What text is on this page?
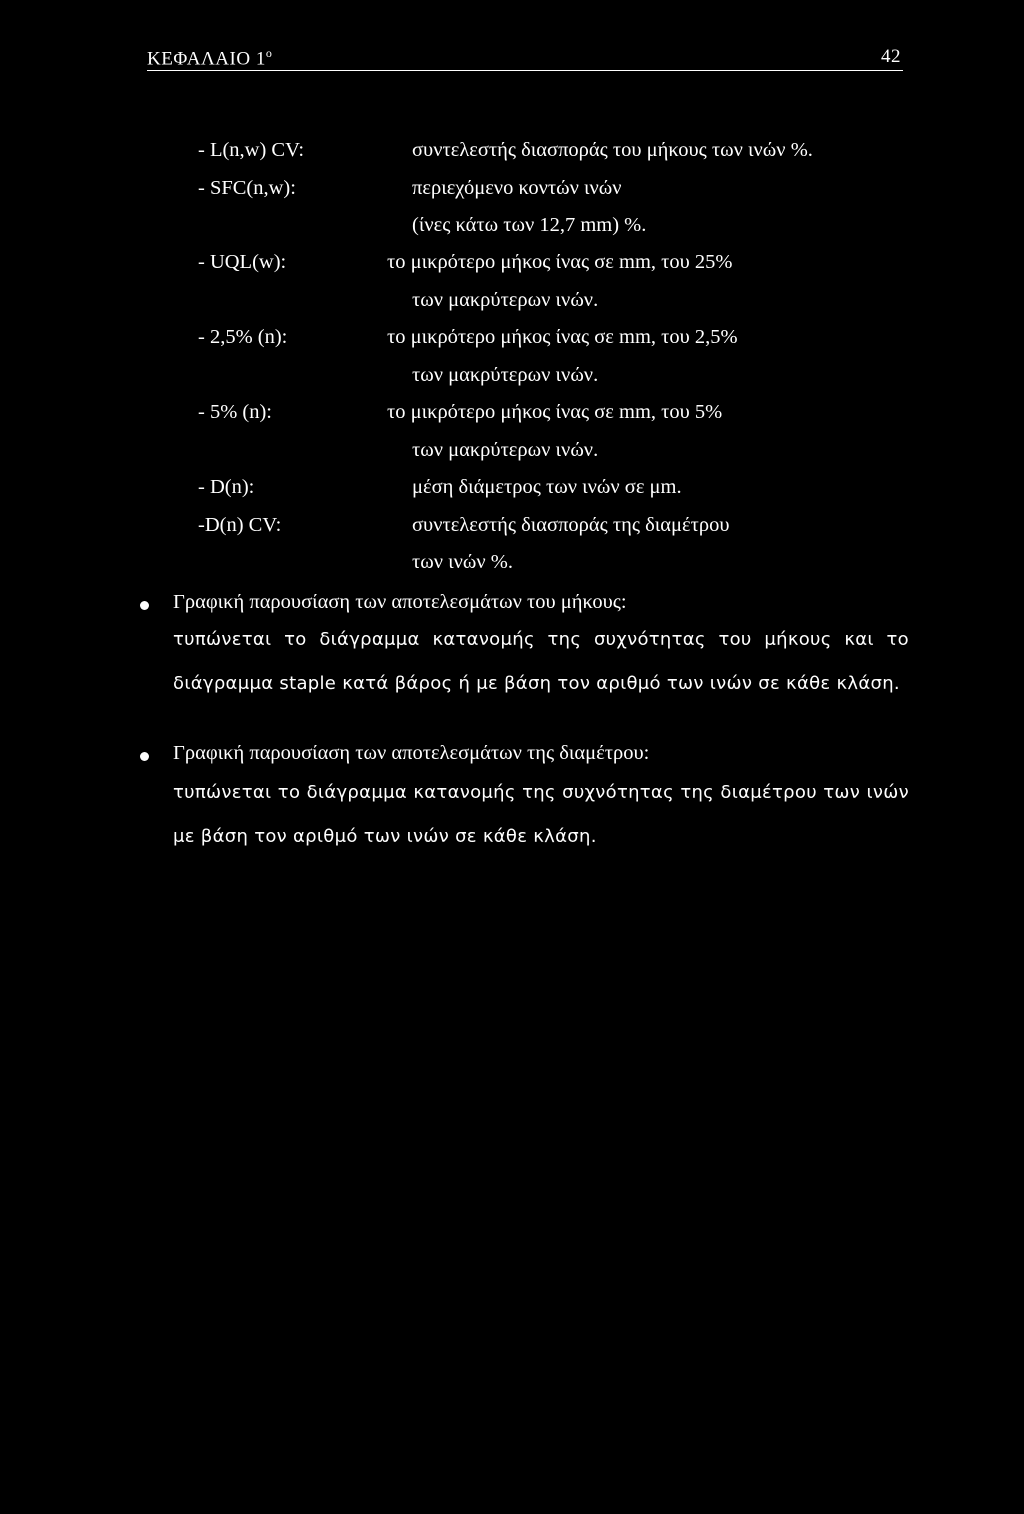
ΚΕΦΑΛΑΙΟ $1^o$	42
- L(n,w) CV:	συντελεστής διασποράς του μήκους των ινών %.
- SFC(n,w):	περιεχόμενο κοντών ινών
(ίνες κάτω των 12,7 mm) %.
- UQL(w):	το μικρότερο μήκος ίνας σε mm, του 25%
των μακρύτερων ινών.
- 2,5% (n):	το μικρότερο μήκος ίνας σε mm, του 2,5%
των μακρύτερων ινών.
- 5% (n):	το μικρότερο μήκος ίνας σε mm, του 5%
των μακρύτερων ινών.
- D(n):	μέση διάμετρος των ινών σε μm.
-D(n) CV:	συντελεστής διασποράς της διαμέτρου
των ινών %.
Γραφική παρουσίαση των αποτελεσμάτων του μήκους:
τυπώνεται το διάγραμμα κατανομής της συχνότητας του μήκους και το διάγραμμα staple κατά βάρος ή με βάση τον αριθμό των ινών σε κάθε κλάση.
Γραφική παρουσίαση των αποτελεσμάτων της διαμέτρου:
τυπώνεται το διάγραμμα κατανομής της συχνότητας της διαμέτρου των ινών με βάση τον αριθμό των ινών σε κάθε κλάση.
